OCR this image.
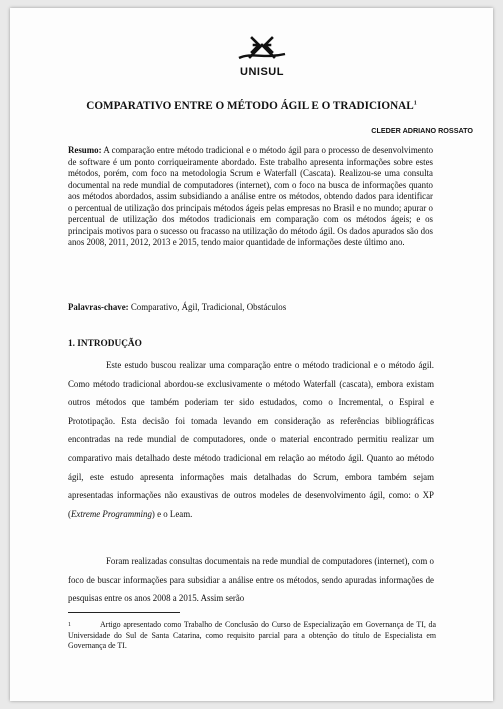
UNISUL
COMPARATIVO ENTRE O MÉTODO ÁGIL E O TRADICIONAL$^1$
CLEDER ADRIANO ROSSATO
Resumo: A comparação entre método tradicional e o método ágil para o processo de desenvolvimento de software é um ponto corriqueiramente abordado. Este trabalho apresenta informações sobre estes métodos, porém, com foco na metodologia Scrum e Waterfall (Cascata). Realizou-se uma consulta documental na rede mundial de computadores (internet), com o foco na busca de informações quanto aos métodos abordados, assim subsidiando a análise entre os métodos, obtendo dados para identificar o percentual de utilização dos principais métodos ágeis pelas empresas no Brasil e no mundo; apurar o percentual de utilização dos métodos tradicionais em comparação com os métodos ágeis; e os principais motivos para o sucesso ou fracasso na utilização do método ágil. Os dados apurados são dos anos 2008, 2011, 2012, 2013 e 2015, tendo maior quantidade de informações deste último ano.
Palavras-chave: Comparativo, Ágil, Tradicional, Obstáculos
1. INTRODUÇÃO
Este estudo buscou realizar uma comparação entre o método tradicional e o método ágil. Como método tradicional abordou-se exclusivamente o método Waterfall (cascata), embora existam outros métodos que também poderiam ter sido estudados, como o Incremental, o Espiral e Prototipação. Esta decisão foi tomada levando em consideração as referências bibliográficas encontradas na rede mundial de computadores, onde o material encontrado permitiu realizar um comparativo mais detalhado deste método tradicional em relação ao método ágil. Quanto ao método ágil, este estudo apresenta informações mais detalhadas do Scrum, embora também sejam apresentadas informações não exaustivas de outros modeles de desenvolvimento ágil, como: o XP (Extreme Programming) e o Leam.
Foram realizadas consultas documentais na rede mundial de computadores (internet), com o foco de buscar informações para subsidiar a análise entre os métodos, sendo apuradas informações de pesquisas entre os anos 2008 a 2015. Assim serão
1	Artigo apresentado como Trabalho de Conclusão do Curso de Especialização em Governança de TI, da Universidade do Sul de Santa Catarina, como requisito parcial para a obtenção do título de Especialista em Governança de TI.
